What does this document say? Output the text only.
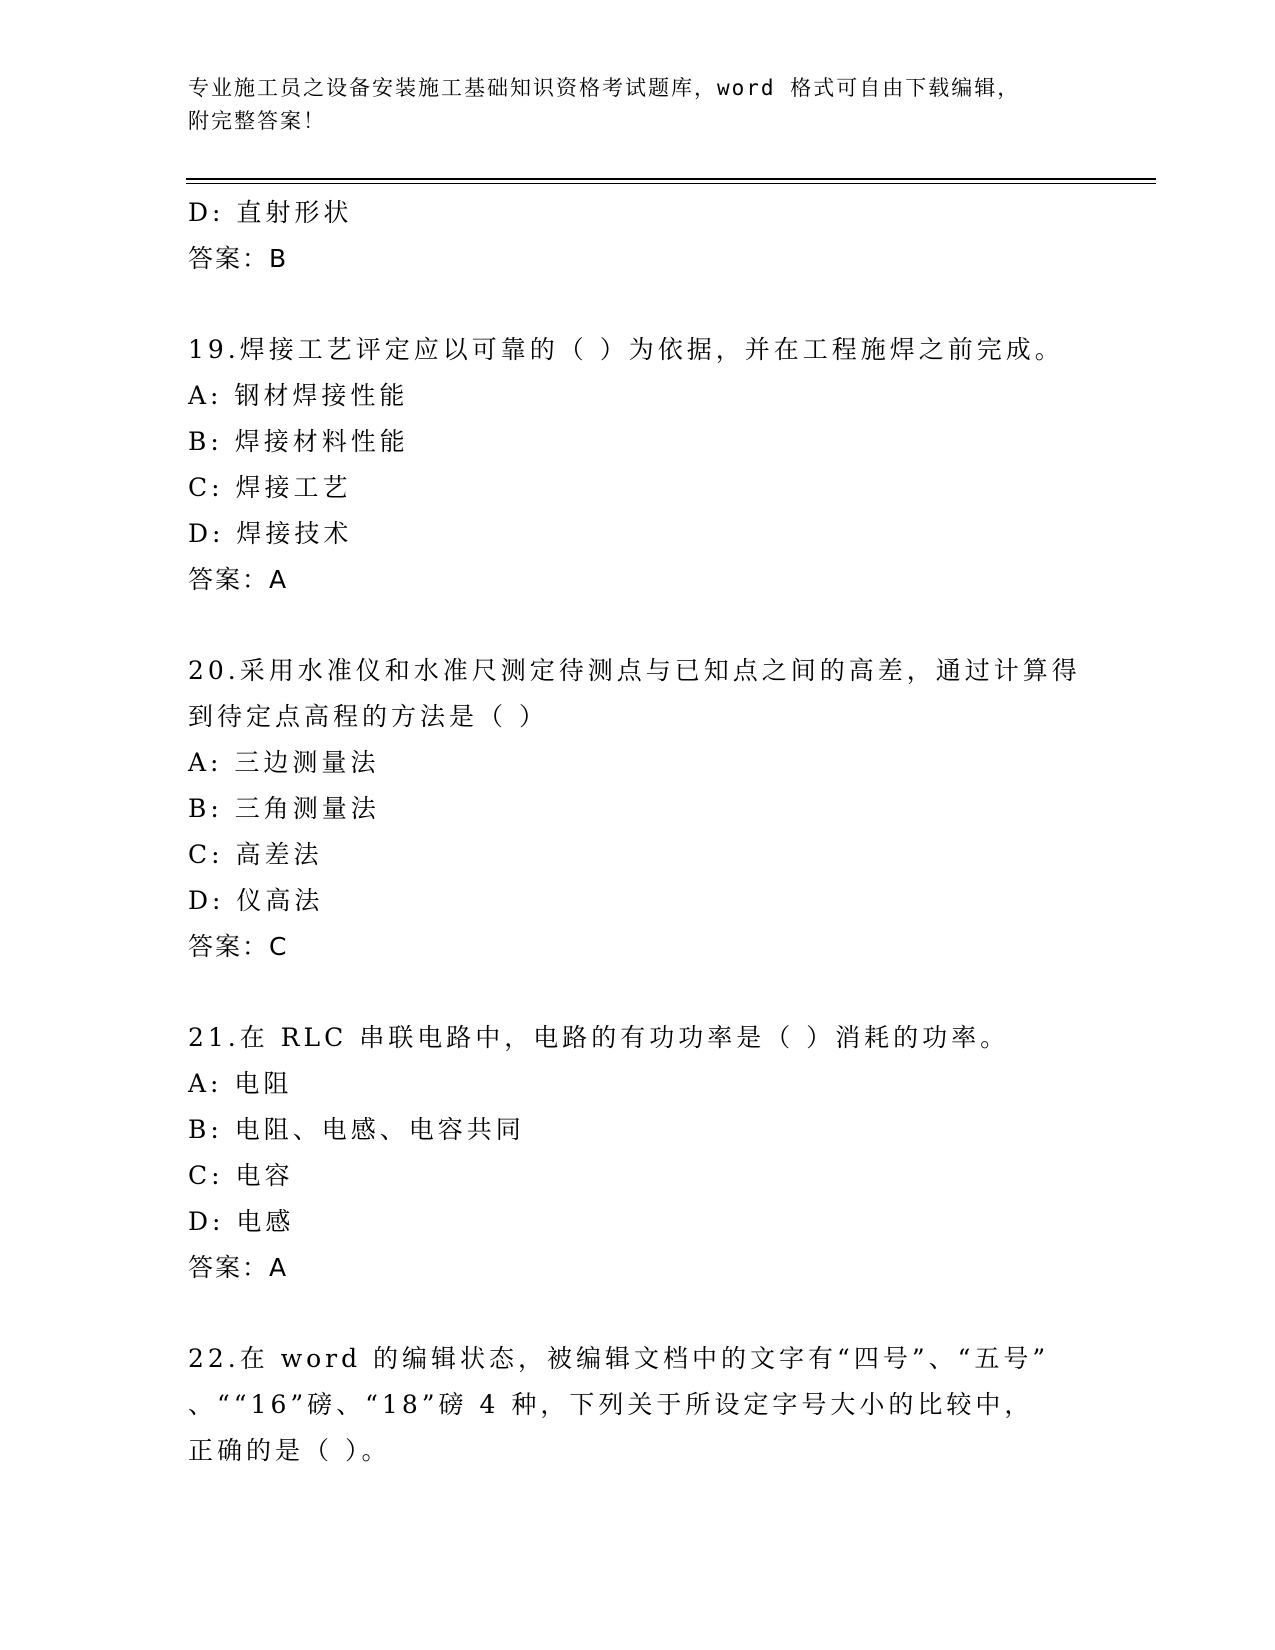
专业施工员之设备安装施工基础知识资格考试题库，word 格式可自由下载编辑，
附完整答案！
D: 直射形状
答案：B
19.焊接工艺评定应以可靠的（ ）为依据，并在工程施焊之前完成。
A: 钢材焊接性能
B: 焊接材料性能
C: 焊接工艺
D: 焊接技术
答案：A
20.采用水准仪和水准尺测定待测点与已知点之间的高差，通过计算得
到待定点高程的方法是（ ）
A: 三边测量法
B: 三角测量法
C: 高差法
D: 仪高法
答案：C
21.在 RLC 串联电路中，电路的有功功率是（ ）消耗的功率。
A: 电阻
B: 电阻、电感、电容共同
C: 电容
D: 电感
答案：A
22.在 word 的编辑状态，被编辑文档中的文字有“四号”、“五号”
、““16”磅、“18”磅 4 种，下列关于所设定字号大小的比较中，
正确的是（ ）。
